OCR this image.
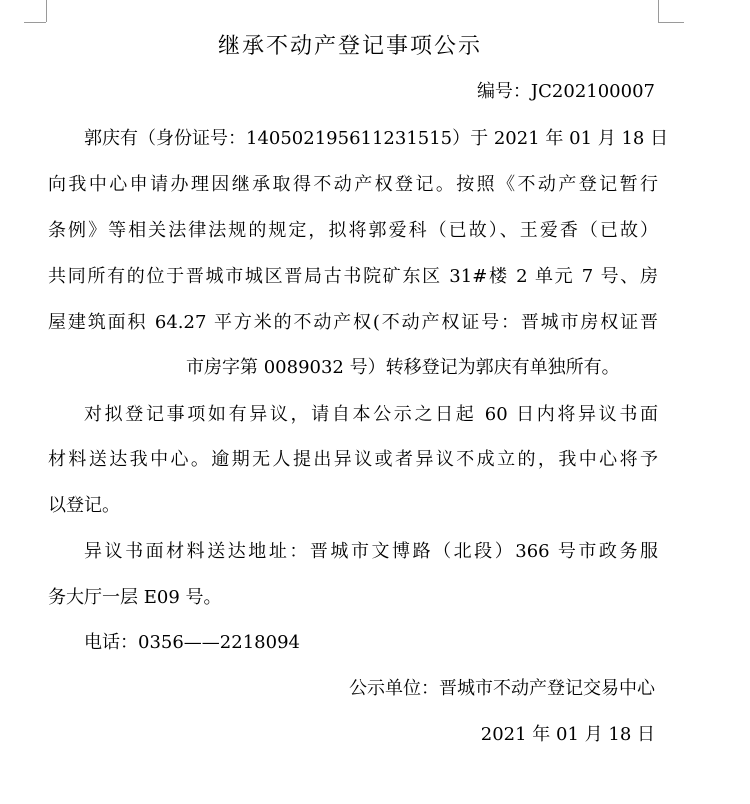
继承不动产登记事项公示
编号：JC202100007
郭庆有（身份证号：140502195611231515）于 2021 年 01 月 18 日
向我中心申请办理因继承取得不动产权登记。按照《不动产登记暂行
条例》等相关法律法规的规定，拟将郭爱科（已故）、王爱香（已故）
共同所有的位于晋城市城区晋局古书院矿东区 31#楼 2 单元 7 号、房
屋建筑面积 64.27 平方米的不动产权(不动产权证号：晋城市房权证晋
市房字第 0089032 号）转移登记为郭庆有单独所有。
对拟登记事项如有异议，请自本公示之日起 60 日内将异议书面
材料送达我中心。逾期无人提出异议或者异议不成立的，我中心将予
以登记。
异议书面材料送达地址：晋城市文博路（北段）366 号市政务服
务大厅一层 E09 号。
电话：0356——2218094
公示单位：晋城市不动产登记交易中心
2021 年 01 月 18 日
